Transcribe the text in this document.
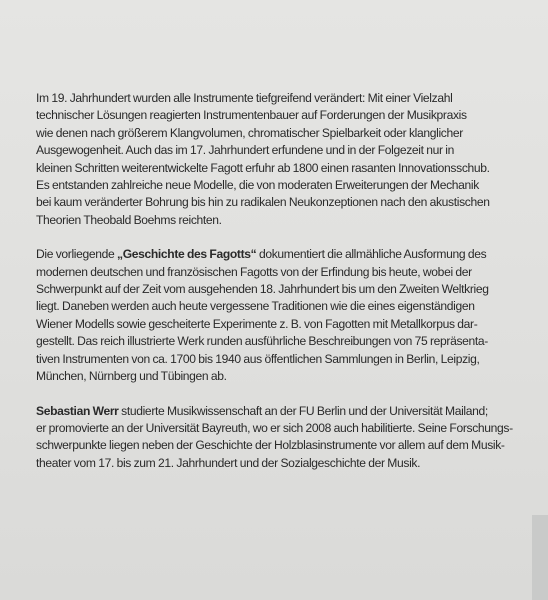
Im 19. Jahrhundert wurden alle Instrumente tiefgreifend verändert: Mit einer Vielzahl
technischer Lösungen reagierten Instrumentenbauer auf Forderungen der Musikpraxis
wie denen nach größerem Klangvolumen, chromatischer Spielbarkeit oder klanglicher
Ausgewogenheit. Auch das im 17. Jahrhundert erfundene und in der Folgezeit nur in
kleinen Schritten weiterentwickelte Fagott erfuhr ab 1800 einen rasanten Innovationsschub.
Es entstanden zahlreiche neue Modelle, die von moderaten Erweiterungen der Mechanik
bei kaum veränderter Bohrung bis hin zu radikalen Neukonzeptionen nach den akustischen
Theorien Theobald Boehms reichten.

Die vorliegende „Geschichte des Fagotts“ dokumentiert die allmähliche Ausformung des
modernen deutschen und französischen Fagotts von der Erfindung bis heute, wobei der
Schwerpunkt auf der Zeit vom ausgehenden 18. Jahrhundert bis um den Zweiten Weltkrieg
liegt. Daneben werden auch heute vergessene Traditionen wie die eines eigenständigen
Wiener Modells sowie gescheiterte Experimente z. B. von Fagotten mit Metallkorpus dar-
gestellt. Das reich illustrierte Werk runden ausführliche Beschreibungen von 75 repräsenta-
tiven Instrumenten von ca. 1700 bis 1940 aus öffentlichen Sammlungen in Berlin, Leipzig,
München, Nürnberg und Tübingen ab.

Sebastian Werr studierte Musikwissenschaft an der FU Berlin und der Universität Mailand;
er promovierte an der Universität Bayreuth, wo er sich 2008 auch habilitierte. Seine Forschungs-
schwerpunkte liegen neben der Geschichte der Holzblasinstrumente vor allem auf dem Musik-
theater vom 17. bis zum 21. Jahrhundert und der Sozialgeschichte der Musik.
